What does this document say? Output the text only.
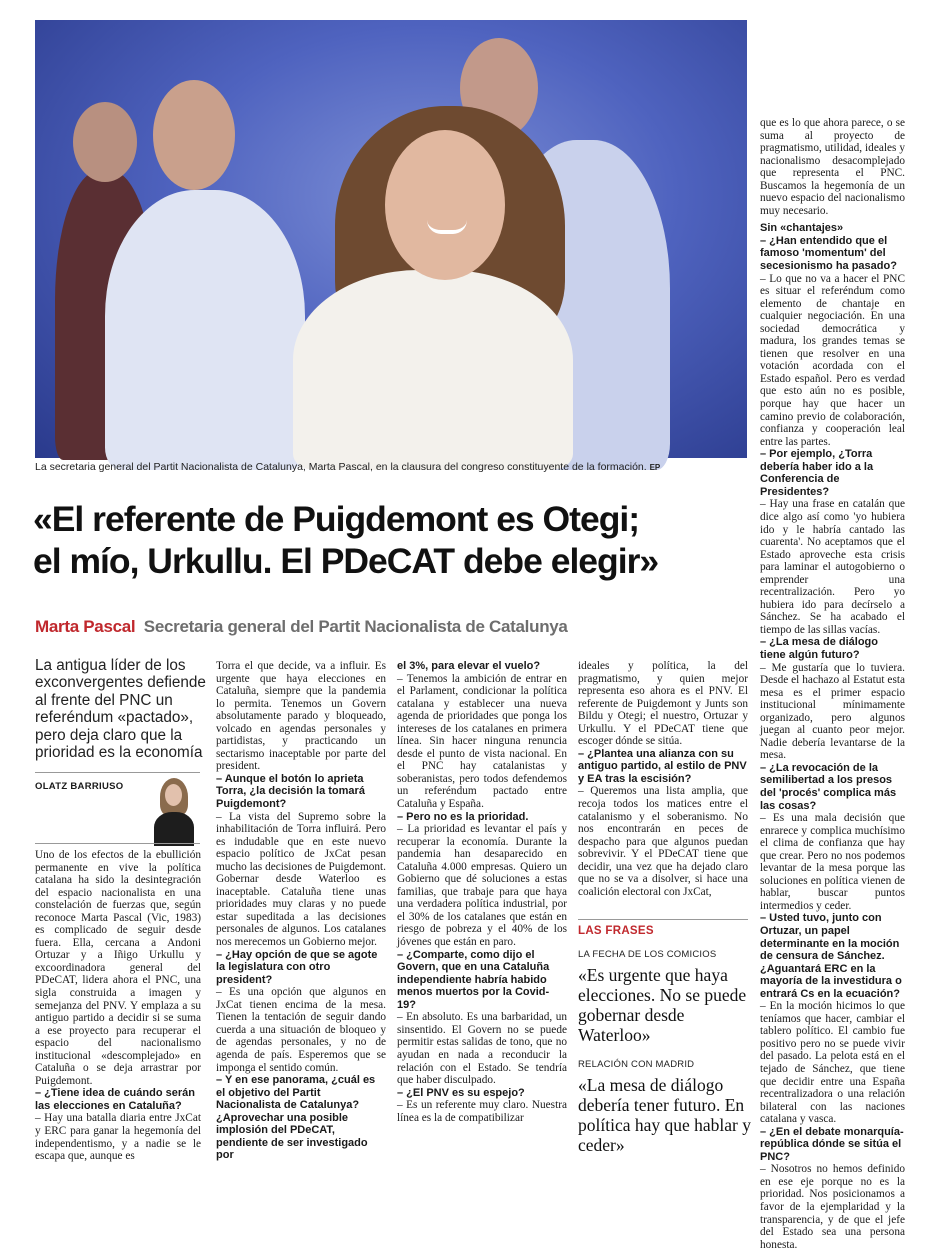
La secretaria general del Partit Nacionalista de Catalunya, Marta Pascal, en la clausura del congreso constituyente de la formación. EP
«El referente de Puigdemont es Otegi;
el mío, Urkullu. El PDeCAT debe elegir»
Marta Pascal Secretaria general del Partit Nacionalista de Catalunya
La antigua líder de los exconvergentes defiende al frente del PNC un referéndum «pactado», pero deja claro que la prioridad es la economía
OLATZ BARRIUSO

Uno de los efectos de la ebullición permanente en vive la política catalana ha sido la desintegración del espacio nacionalista en una constelación de fuerzas que, según reconoce Marta Pascal (Vic, 1983) es complicado de seguir desde fuera. Ella, cercana a Andoni Ortuzar y a Iñigo Urkullu y excoordinadora general del PDeCAT, lidera ahora el PNC, una sigla construida a imagen y semejanza del PNV. Y emplaza a su antiguo partido a decidir si se suma a ese proyecto para recuperar el espacio del nacionalismo institucional «descomplejado» en Cataluña o se deja arrastrar por Puigdemont.

– ¿Tiene idea de cuándo serán las elecciones en Cataluña?

– Hay una batalla diaria entre JxCat y ERC para ganar la hegemonía del independentismo, y a nadie se le escapa que, aunque es

Torra el que decide, va a influir. Es urgente que haya elecciones en Cataluña, siempre que la pandemia lo permita. Tenemos un Govern absolutamente parado y bloqueado, volcado en agendas personales y partidistas, y practicando un sectarismo inaceptable por parte del president.

– Aunque el botón lo aprieta Torra, ¿la decisión la tomará Puigdemont?

– La vista del Supremo sobre la inhabilitación de Torra influirá. Pero es indudable que en este nuevo espacio político de JxCat pesan mucho las decisiones de Puigdemont. Gobernar desde Waterloo es inaceptable. Cataluña tiene unas prioridades muy claras y no puede estar supeditada a las decisiones personales de algunos. Los catalanes nos merecemos un Gobierno mejor.

– ¿Hay opción de que se agote la legislatura con otro president?

– Es una opción que algunos en JxCat tienen encima de la mesa. Tienen la tentación de seguir dando cuerda a una situación de bloqueo y de agendas personales, y no de agenda de país. Esperemos que se imponga el sentido común.

– Y en ese panorama, ¿cuál es el objetivo del Partit Nacionalista de Catalunya? ¿Aprovechar una posible implosión del PDeCAT, pendiente de ser investigado por

el 3%, para elevar el vuelo?

– Tenemos la ambición de entrar en el Parlament, condicionar la política catalana y establecer una nueva agenda de prioridades que ponga los intereses de los catalanes en primera línea. Sin hacer ninguna renuncia desde el punto de vista nacional. En el PNC hay catalanistas y soberanistas, pero todos defendemos un referéndum pactado entre Cataluña y España.

– Pero no es la prioridad.

– La prioridad es levantar el país y recuperar la economía. Durante la pandemia han desaparecido en Cataluña 4.000 empresas. Quiero un Gobierno que dé soluciones a estas familias, que trabaje para que haya una verdadera política industrial, por el 30% de los catalanes que están en riesgo de pobreza y el 40% de los jóvenes que están en paro.

– ¿Comparte, como dijo el Govern, que en una Cataluña independiente habría habido menos muertos por la Covid-19?

– En absoluto. Es una barbaridad, un sinsentido. El Govern no se puede permitir estas salidas de tono, que no ayudan en nada a reconducir la relación con el Estado. Se tendría que haber disculpado.

– ¿El PNV es su espejo?

– Es un referente muy claro. Nuestra línea es la de compatibilizar

ideales y política, la del pragmatismo, y quien mejor representa eso ahora es el PNV. El referente de Puigdemont y Junts son Bildu y Otegi; el nuestro, Ortuzar y Urkullu. Y el PDeCAT tiene que escoger dónde se sitúa.

– ¿Plantea una alianza con su antiguo partido, al estilo de PNV y EA tras la escisión?

– Queremos una lista amplia, que recoja todos los matices entre el catalanismo y el soberanismo. No nos encontrarán en peces de despacho para que algunos puedan sobrevivir. Y el PDeCAT tiene que decidir, una vez que ha dejado claro que no se va a disolver, si hace una coalición electoral con JxCat,

LAS FRASES
LA FECHA DE LOS COMICIOS
«Es urgente que haya elecciones. No se puede gobernar desde Waterloo»
RELACIÓN CON MADRID
«La mesa de diálogo debería tener futuro. En política hay que hablar y ceder»

que es lo que ahora parece, o se suma al proyecto de pragmatismo, utilidad, ideales y nacionalismo desacomplejado que representa el PNC. Buscamos la hegemonía de un nuevo espacio del nacionalismo muy necesario.

Sin «chantajes»

– ¿Han entendido que el famoso 'momentum' del secesionismo ha pasado?

– Lo que no va a hacer el PNC es situar el referéndum como elemento de chantaje en cualquier negociación. En una sociedad democrática y madura, los grandes temas se tienen que resolver en una votación acordada con el Estado español. Pero es verdad que esto aún no es posible, porque hay que hacer un camino previo de colaboración, confianza y cooperación leal entre las partes.

– Por ejemplo, ¿Torra debería haber ido a la Conferencia de Presidentes?

– Hay una frase en catalán que dice algo así como 'yo hubiera ido y le habría cantado las cuarenta'. No aceptamos que el Estado aproveche esta crisis para laminar el autogobierno o emprender una recentralización. Pero yo hubiera ido para decírselo a Sánchez. Se ha acabado el tiempo de las sillas vacías.

– ¿La mesa de diálogo tiene algún futuro?

– Me gustaría que lo tuviera. Desde el hachazo al Estatut esta mesa es el primer espacio institucional mínimamente organizado, pero algunos juegan al cuanto peor mejor. Nadie debería levantarse de la mesa.

– ¿La revocación de la semilibertad a los presos del 'procés' complica más las cosas?

– Es una mala decisión que enrarece y complica muchísimo el clima de confianza que hay que crear. Pero no nos podemos levantar de la mesa porque las soluciones en política vienen de hablar, buscar puntos intermedios y ceder.

– Usted tuvo, junto con Ortuzar, un papel determinante en la moción de censura de Sánchez. ¿Aguantará ERC en la mayoría de la investidura o entrará Cs en la ecuación?

– En la moción hicimos lo que teníamos que hacer, cambiar el tablero político. El cambio fue positivo pero no se puede vivir del pasado. La pelota está en el tejado de Sánchez, que tiene que decidir entre una España recentralizadora o una relación bilateral con las naciones catalana y vasca.

– ¿En el debate monarquía-república dónde se sitúa el PNC?

– Nosotros no hemos definido en ese eje porque no es la prioridad. Nos posicionamos a favor de la ejemplaridad y la transparencia, y de que el jefe del Estado sea una persona honesta.
